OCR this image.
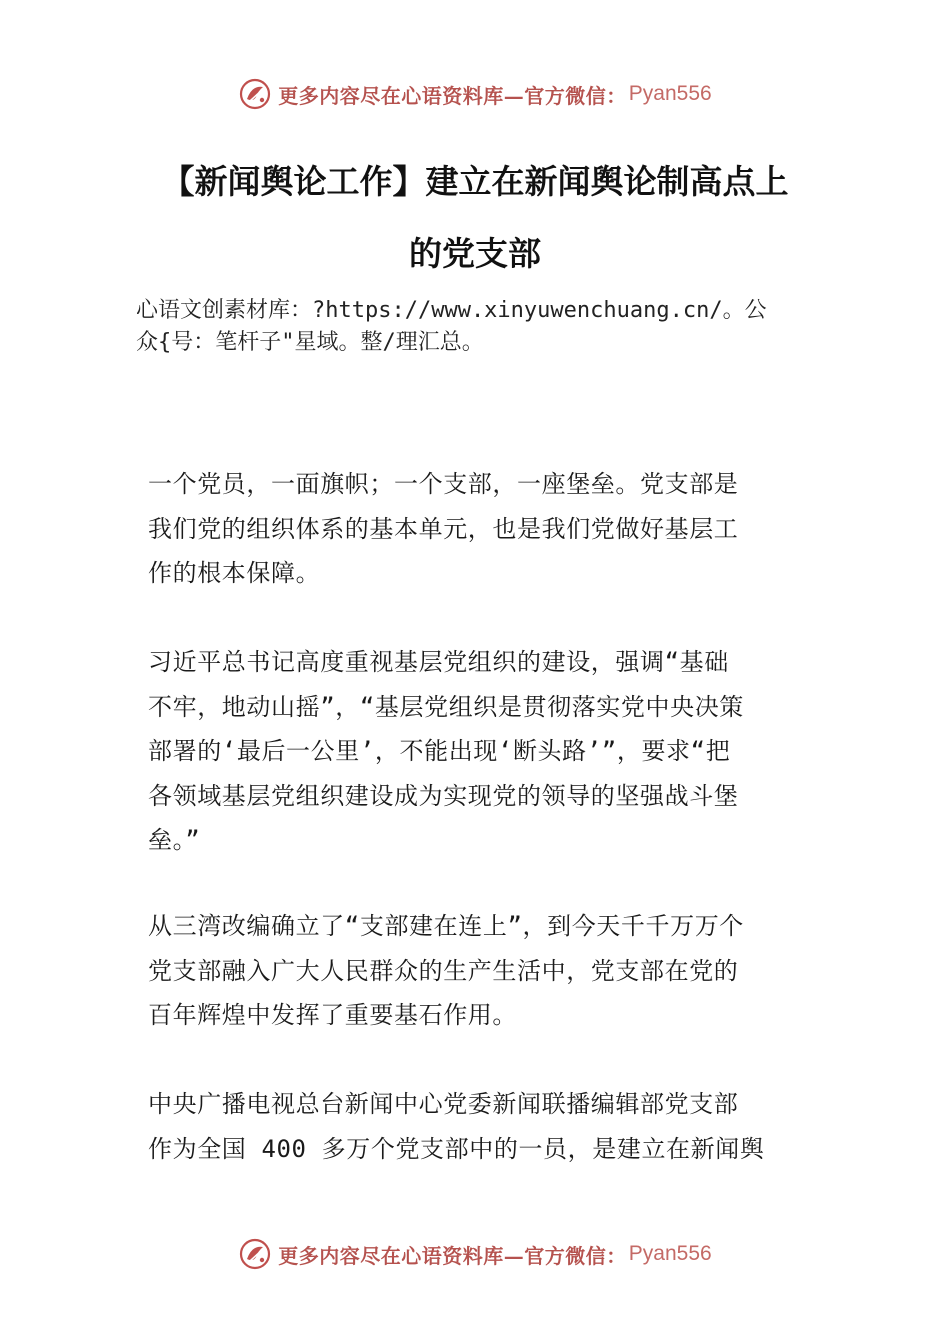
更多内容尽在心语资料库—官方微信： Pyan556
【新闻舆论工作】建立在新闻舆论制高点上
的党支部
心语文创素材库：?https://www.xinyuwenchuang.cn/。公
众{号：笔杆子"星域。整/理汇总。
一个党员，一面旗帜；一个支部，一座堡垒。党支部是
我们党的组织体系的基本单元，也是我们党做好基层工
作的根本保障。
习近平总书记高度重视基层党组织的建设，强调“基础
不牢，地动山摇”，“基层党组织是贯彻落实党中央决策
部署的‘最后一公里’，不能出现‘断头路’”，要求“把
各领域基层党组织建设成为实现党的领导的坚强战斗堡
垒。”
从三湾改编确立了“支部建在连上”，到今天千千万万个
党支部融入广大人民群众的生产生活中，党支部在党的
百年辉煌中发挥了重要基石作用。
中央广播电视总台新闻中心党委新闻联播编辑部党支部
作为全国 400 多万个党支部中的一员，是建立在新闻舆
更多内容尽在心语资料库—官方微信： Pyan556
